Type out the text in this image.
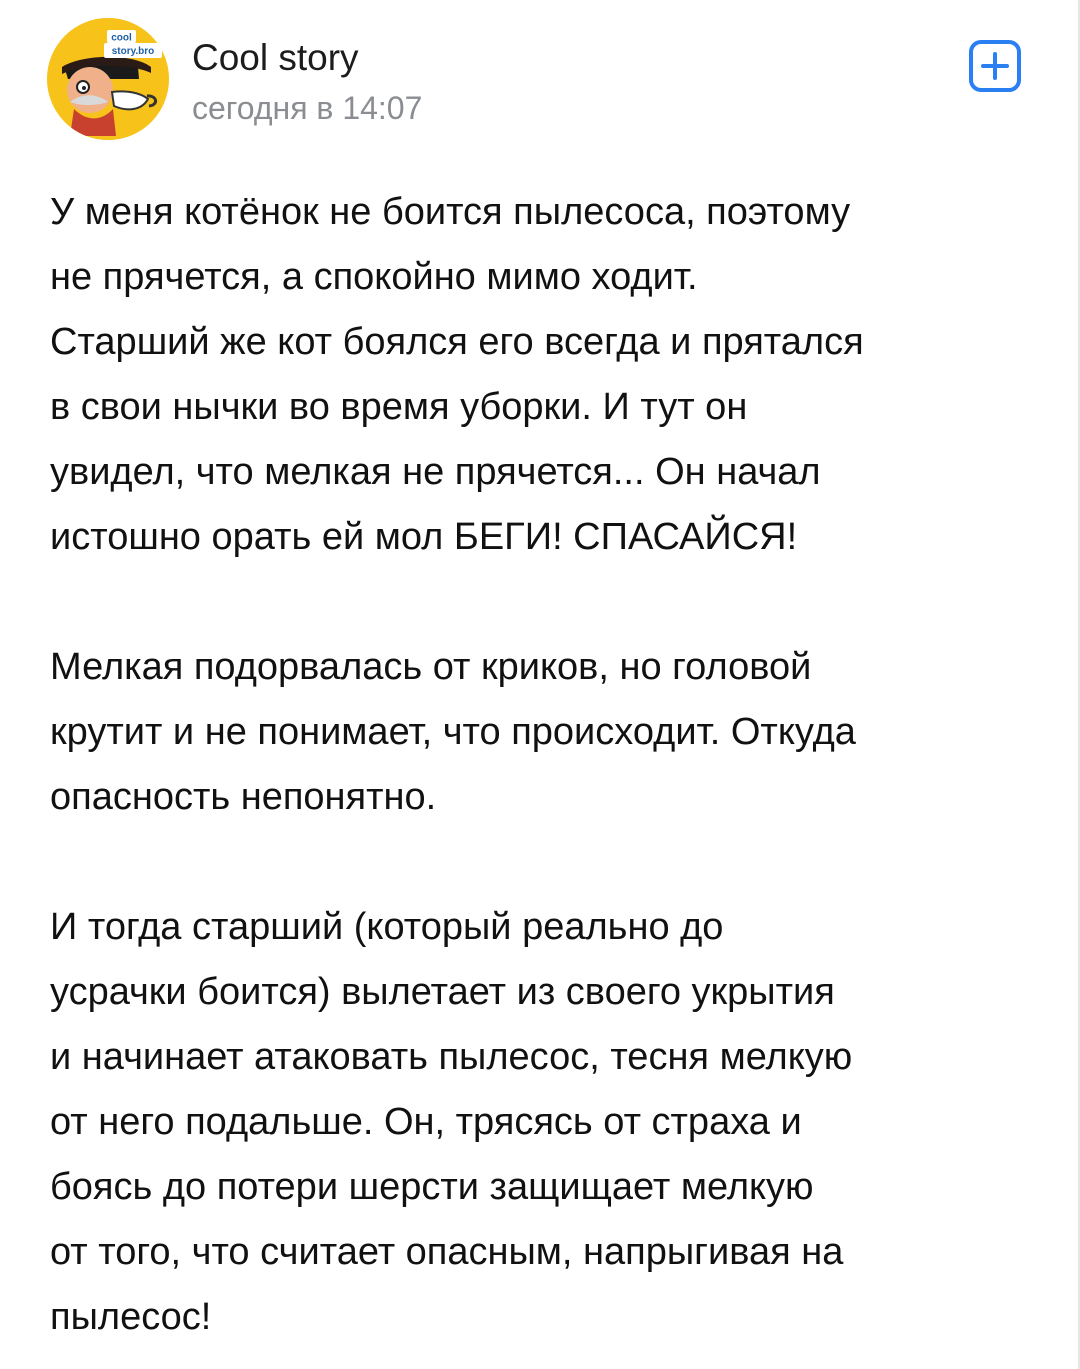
cool
story.bro Cool story
сегодня в 14:07

У меня котёнок не боится пылесоса, поэтому
не прячется, а спокойно мимо ходит.
Старший же кот боялся его всегда и прятался
в свои нычки во время уборки. И тут он
увидел, что мелкая не прячется... Он начал
истошно орать ей мол БЕГИ! СПАСАЙСЯ!

Мелкая подорвалась от криков, но головой
крутит и не понимает, что происходит. Откуда
опасность непонятно.

И тогда старший (который реально до
усрачки боится) вылетает из своего укрытия
и начинает атаковать пылесос, тесня мелкую
от него подальше. Он, трясясь от страха и
боясь до потери шерсти защищает мелкую
от того, что считает опасным, напрыгивая на
пылесос!
